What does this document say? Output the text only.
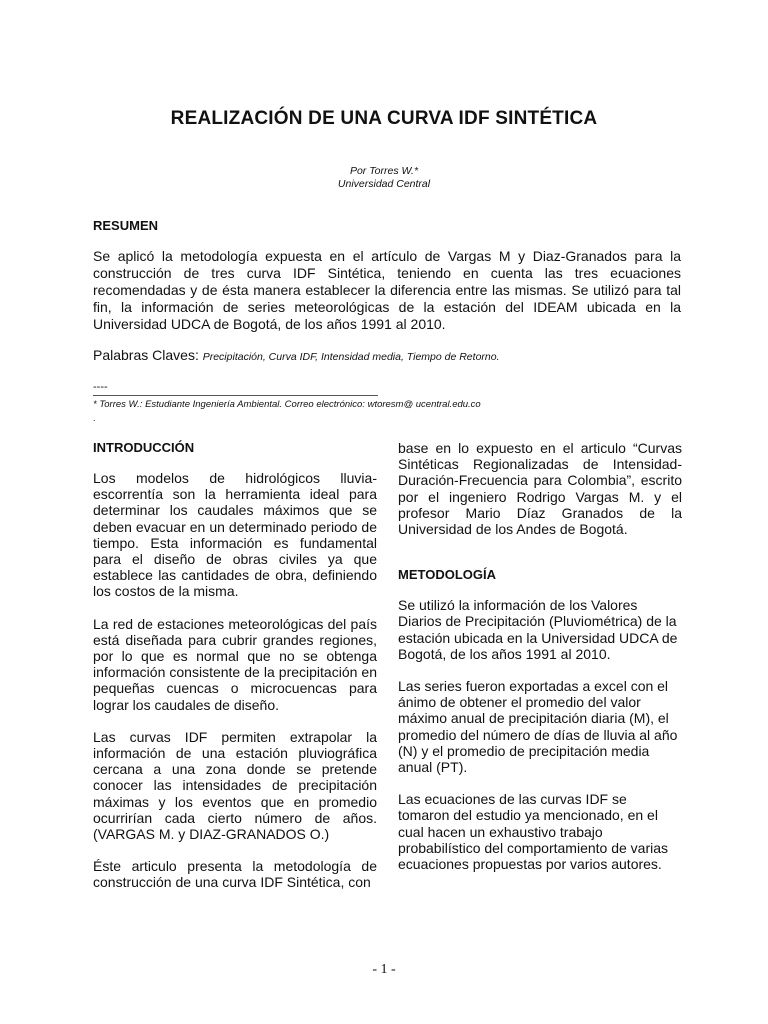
REALIZACIÓN DE UNA CURVA IDF SINTÉTICA
Por Torres W.*
Universidad Central
RESUMEN
Se aplicó la metodología expuesta en el artículo de Vargas M y Diaz-Granados para la construcción de tres curva IDF Sintética, teniendo en cuenta las tres ecuaciones recomendadas y de ésta manera establecer la diferencia entre las mismas. Se utilizó para tal fin, la información de series meteorológicas de la estación del IDEAM ubicada en la Universidad UDCA de Bogotá, de los años 1991 al 2010.
Palabras Claves: Precipitación, Curva IDF, Intensidad media, Tiempo de Retorno.
----
* Torres W.: Estudiante Ingeniería Ambiental. Correo electrónico: wtoresm@ ucentral.edu.co
.
INTRODUCCIÓN

Los modelos de hidrológicos lluvia-escorrentía son la herramienta ideal para determinar los caudales máximos que se deben evacuar en un determinado periodo de tiempo. Esta información es fundamental para el diseño de obras civiles ya que establece las cantidades de obra, definiendo los costos de la misma.

La red de estaciones meteorológicas del país está diseñada para cubrir grandes regiones, por lo que es normal que no se obtenga información consistente de la precipitación en pequeñas cuencas o microcuencas para lograr los caudales de diseño.

Las curvas IDF permiten extrapolar la información de una estación pluviográfica cercana a una zona donde se pretende conocer las intensidades de precipitación máximas y los eventos que en promedio ocurrirían cada cierto número de años.(VARGAS M. y DIAZ-GRANADOS O.)

Éste articulo presenta la metodología de construcción de una curva IDF Sintética, con

base en lo expuesto en el articulo “Curvas Sintéticas Regionalizadas de Intensidad-Duración-Frecuencia para Colombia”, escrito por el ingeniero Rodrigo Vargas M. y el profesor Mario Díaz Granados de la Universidad de los Andes de Bogotá.

METODOLOGÍA

Se utilizó la información de los Valores Diarios de Precipitación (Pluviométrica) de la estación ubicada en la Universidad UDCA de Bogotá, de los años 1991 al 2010.

Las series fueron exportadas a excel con el ánimo de obtener el promedio del valor máximo anual de precipitación diaria (M), el promedio del número de días de lluvia al año (N) y el promedio de precipitación media anual (PT).

Las ecuaciones de las curvas IDF se tomaron del estudio ya mencionado, en el cual hacen un exhaustivo trabajo probabilístico del comportamiento de varias ecuaciones propuestas por varios autores.

- 1 -
